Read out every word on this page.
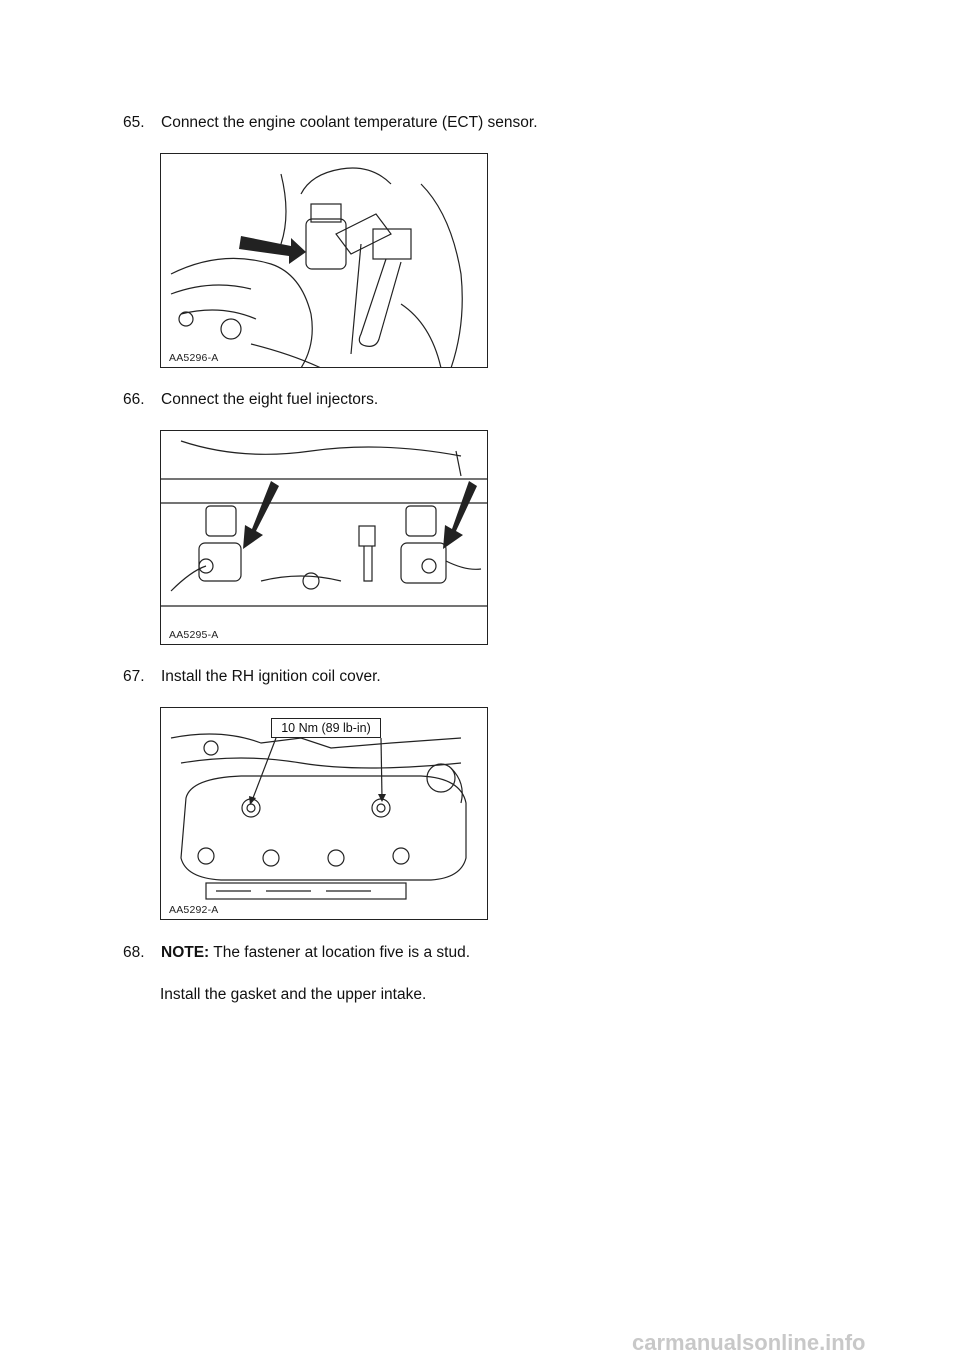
65. Connect the engine coolant temperature (ECT) sensor.
AA5296-A
66. Connect the eight fuel injectors.
AA5295-A
67. Install the RH ignition coil cover.
10 Nm (89 lb-in)
AA5292-A
68. NOTE: The fastener at location five is a stud.
Install the gasket and the upper intake.
carmanualsonline.info
